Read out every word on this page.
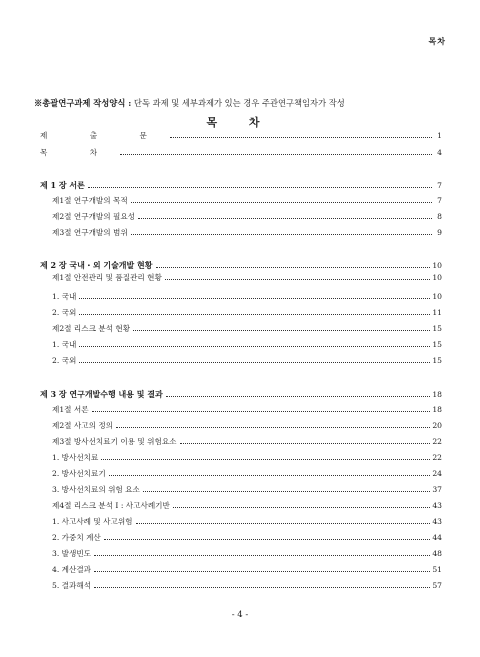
목차
※총괄연구과제 작성양식 : 단독 과제 및 세부과제가 있는 경우 주관연구책임자가 작성
목 차
제 출 문	1
목 차	4
제 1 장 서론	7
제1절 연구개발의 목적	7
제2절 연구개발의 필요성	8
제3절 연구개발의 범위	9
제 2 장 국내・외 기술개발 현황	10
제1절 안전관리 및 품질관리 현황	10
1. 국내	10
2. 국외	11
제2절 리스크 분석 현황	15
1. 국내	15
2. 국외	15
제 3 장 연구개발수행 내용 및 결과	18
제1절 서론	18
제2절 사고의 정의	20
제3절 방사선치료기 이용 및 위험요소	22
1. 방사선치료	22
2. 방사선치료기	24
3. 방사선치료의 위험 요소	37
제4절 리스크 분석 I : 사고사례기반	43
1. 사고사례 및 사고위험	43
2. 가중치 계산	44
3. 발생빈도	48
4. 계산결과	51
5. 결과해석	57
- 4 -
